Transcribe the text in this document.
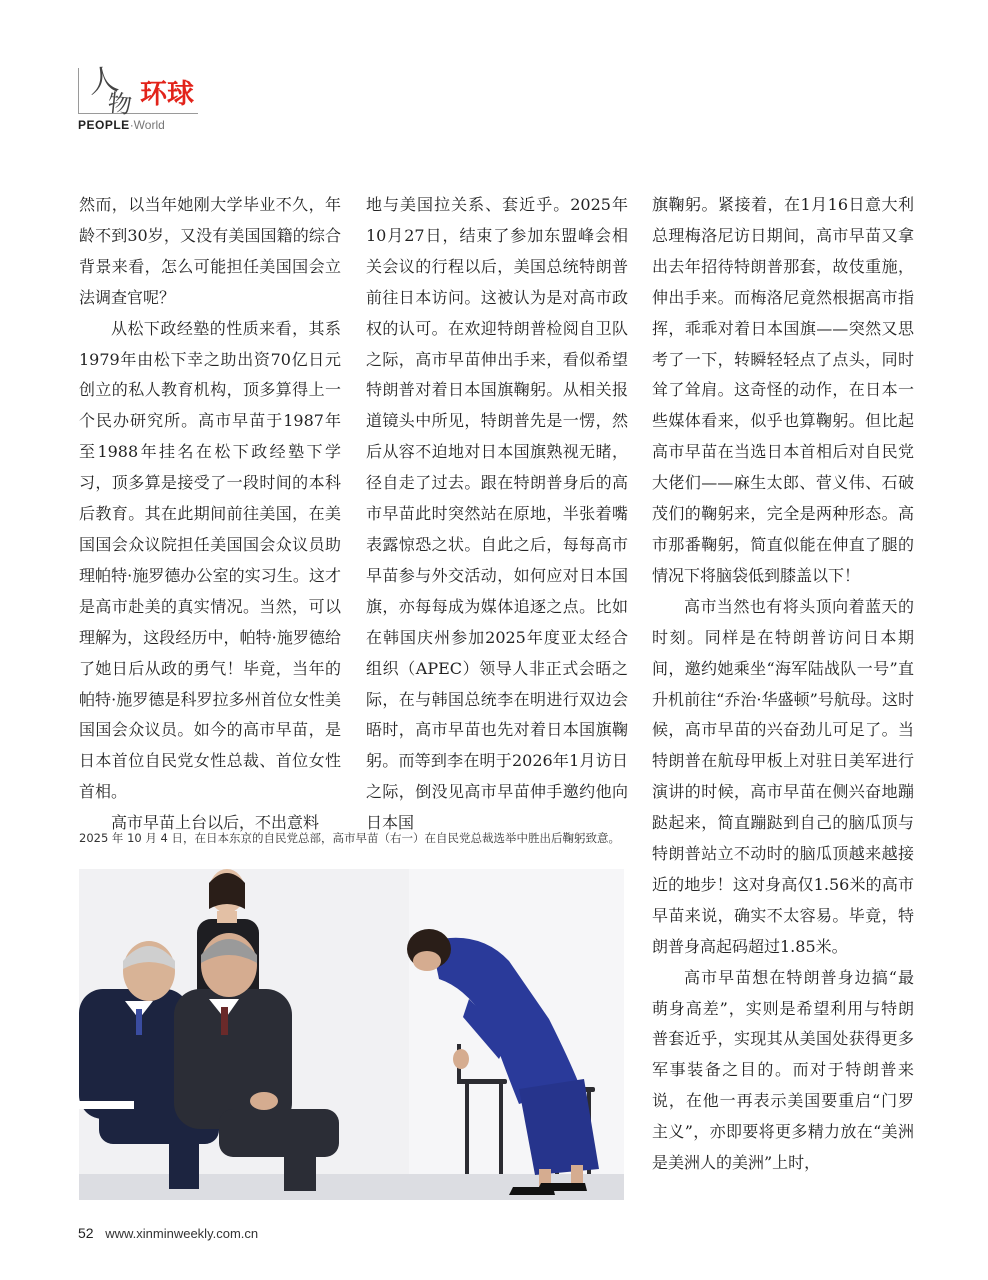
人
物 环球
PEOPLE·World

然而，以当年她刚大学毕业不久，年龄不到30岁，又没有美国国籍的综合背景来看，怎么可能担任美国国会立法调查官呢？

从松下政经塾的性质来看，其系1979年由松下幸之助出资70亿日元创立的私人教育机构，顶多算得上一个民办研究所。高市早苗于1987年至1988年挂名在松下政经塾下学习，顶多算是接受了一段时间的本科后教育。其在此期间前往美国，在美国国会众议院担任美国国会众议员助理帕特·施罗德办公室的实习生。这才是高市赴美的真实情况。当然，可以理解为，这段经历中，帕特·施罗德给了她日后从政的勇气！毕竟，当年的帕特·施罗德是科罗拉多州首位女性美国国会众议员。如今的高市早苗，是日本首位自民党女性总裁、首位女性首相。

高市早苗上台以后，不出意料

地与美国拉关系、套近乎。2025年10月27日，结束了参加东盟峰会相关会议的行程以后，美国总统特朗普前往日本访问。这被认为是对高市政权的认可。在欢迎特朗普检阅自卫队之际，高市早苗伸出手来，看似希望特朗普对着日本国旗鞠躬。从相关报道镜头中所见，特朗普先是一愣，然后从容不迫地对日本国旗熟视无睹，径自走了过去。跟在特朗普身后的高市早苗此时突然站在原地，半张着嘴表露惊恐之状。自此之后，每每高市早苗参与外交活动，如何应对日本国旗，亦每每成为媒体追逐之点。比如在韩国庆州参加2025年度亚太经合组织（APEC）领导人非正式会晤之际，在与韩国总统李在明进行双边会晤时，高市早苗也先对着日本国旗鞠躬。而等到李在明于2026年1月访日之际，倒没见高市早苗伸手邀约他向日本国

旗鞠躬。紧接着，在1月16日意大利总理梅洛尼访日期间，高市早苗又拿出去年招待特朗普那套，故伎重施，伸出手来。而梅洛尼竟然根据高市指挥，乖乖对着日本国旗——突然又思考了一下，转瞬轻轻点了点头，同时耸了耸肩。这奇怪的动作，在日本一些媒体看来，似乎也算鞠躬。但比起高市早苗在当选日本首相后对自民党大佬们——麻生太郎、菅义伟、石破茂们的鞠躬来，完全是两种形态。高市那番鞠躬，简直似能在伸直了腿的情况下将脑袋低到膝盖以下！

高市当然也有将头顶向着蓝天的时刻。同样是在特朗普访问日本期间，邀约她乘坐“海军陆战队一号”直升机前往“乔治·华盛顿”号航母。这时候，高市早苗的兴奋劲儿可足了。当特朗普在航母甲板上对驻日美军进行演讲的时候，高市早苗在侧兴奋地蹦跶起来，简直蹦跶到自己的脑瓜顶与特朗普站立不动时的脑瓜顶越来越接近的地步！这对身高仅1.56米的高市早苗来说，确实不太容易。毕竟，特朗普身高起码超过1.85米。

高市早苗想在特朗普身边搞“最萌身高差”，实则是希望利用与特朗普套近乎，实现其从美国处获得更多军事装备之目的。而对于特朗普来说，在他一再表示美国要重启“门罗主义”，亦即要将更多精力放在“美洲是美洲人的美洲”上时，

2025 年 10 月 4 日，在日本东京的自民党总部，高市早苗（右一）在自民党总裁选举中胜出后鞠躬致意。
52 www.xinminweekly.com.cn
